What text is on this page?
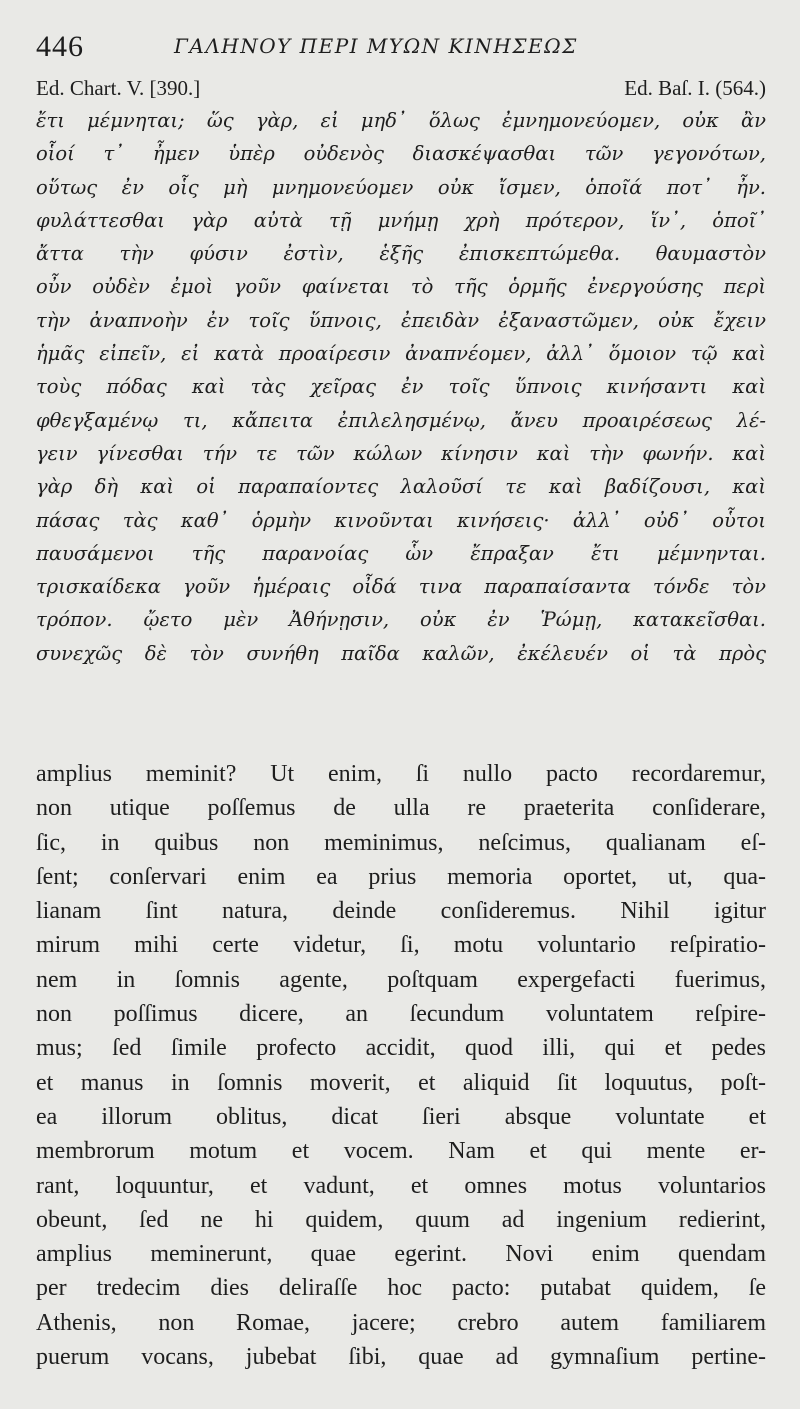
446	ΓΑΛΗΝΟΥ ΠΕΡΙ ΜΥΩΝ ΚΙΝΗΣΕΩΣ
Ed. Chart. V. [390.]	Ed. Baſ. I. (564.)
ἔτι μέμνηται; ὥς γὰρ, εἰ μηδ᾽ ὅλως ἐμνημονεύομεν, οὐκ ἂν
οἷοί τ᾽ ἦμεν ὑπὲρ οὐδενὸς διασκέψασθαι τῶν γεγονότων,
οὕτως ἐν οἷς μὴ μνημονεύομεν οὐκ ἴσμεν, ὁποῖά ποτ᾽ ἦν.
φυλάττεσθαι γὰρ αὐτὰ τῇ μνήμῃ χρὴ πρότερον, ἵν᾽, ὁποῖ᾽
ἄττα τὴν φύσιν ἐστὶν, ἑξῆς ἐπισκεπτώμεθα. θαυμαστὸν
οὖν οὐδὲν ἐμοὶ γοῦν φαίνεται τὸ τῆς ὁρμῆς ἐνεργούσης περὶ
τὴν ἀναπνοὴν ἐν τοῖς ὕπνοις, ἐπειδὰν ἐξαναστῶμεν, οὐκ ἔχειν
ἡμᾶς εἰπεῖν, εἰ κατὰ προαίρεσιν ἀναπνέομεν, ἀλλ᾽ ὅμοιον τῷ καὶ
τοὺς πόδας καὶ τὰς χεῖρας ἐν τοῖς ὕπνοις κινήσαντι καὶ
φθεγξαμένῳ τι, κἄπειτα ἐπιλελησμένῳ, ἄνευ προαιρέσεως λέ-
γειν γίνεσθαι τήν τε τῶν κώλων κίνησιν καὶ τὴν φωνήν. καὶ
γὰρ δὴ καὶ οἱ παραπαίοντες λαλοῦσί τε καὶ βαδίζουσι, καὶ
πάσας τὰς καθ᾽ ὁρμὴν κινοῦνται κινήσεις· ἀλλ᾽ οὐδ᾽ οὗτοι
παυσάμενοι τῆς παρανοίας ὧν ἔπραξαν ἔτι μέμνηνται.
τρισκαίδεκα γοῦν ἡμέραις οἶδά τινα παραπαίσαντα τόνδε τὸν
τρόπον. ᾤετο μὲν Ἀθήνῃσιν, οὐκ ἐν Ῥώμῃ, κατακεῖσθαι.
συνεχῶς δὲ τὸν συνήθη παῖδα καλῶν, ἐκέλευέν οἱ τὰ πρὸς
amplius meminit? Ut enim, ſi nullo pacto recordaremur,
non utique poſſemus de ulla re praeterita conſiderare,
ſic, in quibus non meminimus, neſcimus, qualianam eſ-
ſent; conſervari enim ea prius memoria oportet, ut, qua-
lianam ſint natura, deinde conſideremus. Nihil igitur
mirum mihi certe videtur, ſi, motu voluntario reſpiratio-
nem in ſomnis agente, poſtquam expergefacti fuerimus,
non poſſimus dicere, an ſecundum voluntatem reſpire-
mus; ſed ſimile profecto accidit, quod illi, qui et pedes
et manus in ſomnis moverit, et aliquid ſit loquutus, poſt-
ea illorum oblitus, dicat ſieri absque voluntate et
membrorum motum et vocem. Nam et qui mente er-
rant, loquuntur, et vadunt, et omnes motus voluntarios
obeunt, ſed ne hi quidem, quum ad ingenium redierint,
amplius meminerunt, quae egerint. Novi enim quendam
per tredecim dies deliraſſe hoc pacto: putabat quidem, ſe
Athenis, non Romae, jacere; crebro autem familiarem
puerum vocans, jubebat ſibi, quae ad gymnaſium pertine-
